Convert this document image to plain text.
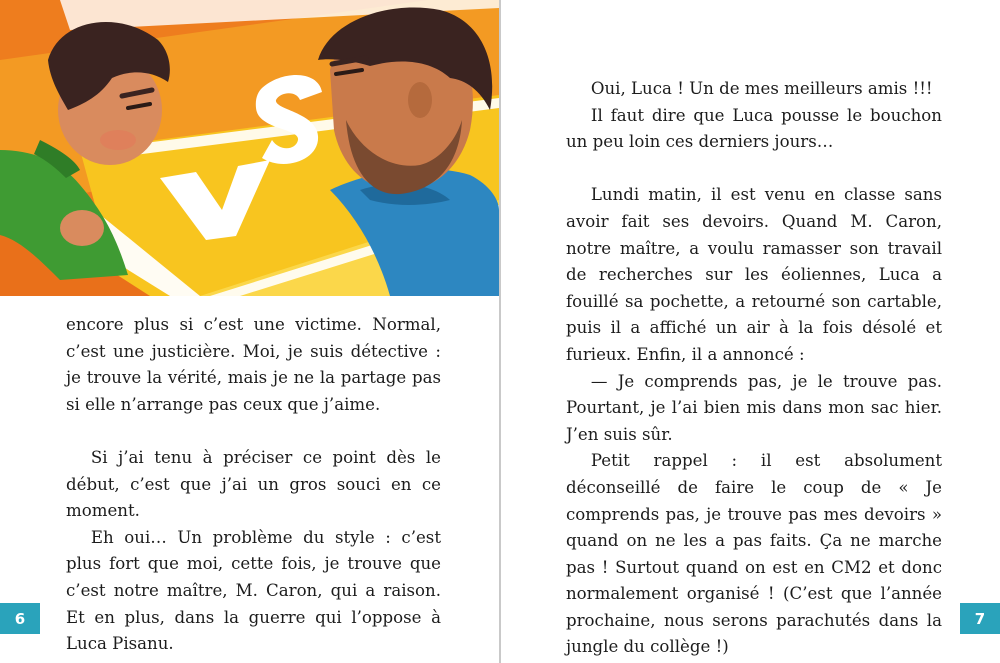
encore plus si c’est une victime. Normal, c’est une justicière. Moi, je suis détective : je trouve la vérité, mais je ne la partage pas si elle n’arrange pas ceux que j’aime.

Si j’ai tenu à préciser ce point dès le début, c’est que j’ai un gros souci en ce moment.

Eh oui… Un problème du style : c’est plus fort que moi, cette fois, je trouve que c’est notre maître, M. Caron, qui a raison. Et en plus, dans la guerre qui l’oppose à Luca Pisanu.

6

Oui, Luca ! Un de mes meilleurs amis !!!

Il faut dire que Luca pousse le bouchon un peu loin ces derniers jours…

Lundi matin, il est venu en classe sans avoir fait ses devoirs. Quand M. Caron, notre maître, a voulu ramasser son travail de recherches sur les éoliennes, Luca a fouillé sa pochette, a retourné son cartable, puis il a affiché un air à la fois désolé et furieux. Enfin, il a annoncé :

— Je comprends pas, je le trouve pas. Pourtant, je l’ai bien mis dans mon sac hier. J’en suis sûr.

Petit rappel : il est absolument déconseillé de faire le coup de « Je comprends pas, je trouve pas mes devoirs » quand on ne les a pas faits. Ça ne marche pas ! Surtout quand on est en CM2 et donc normalement organisé ! (C’est que l’année prochaine, nous serons parachutés dans la jungle du collège !)

7
